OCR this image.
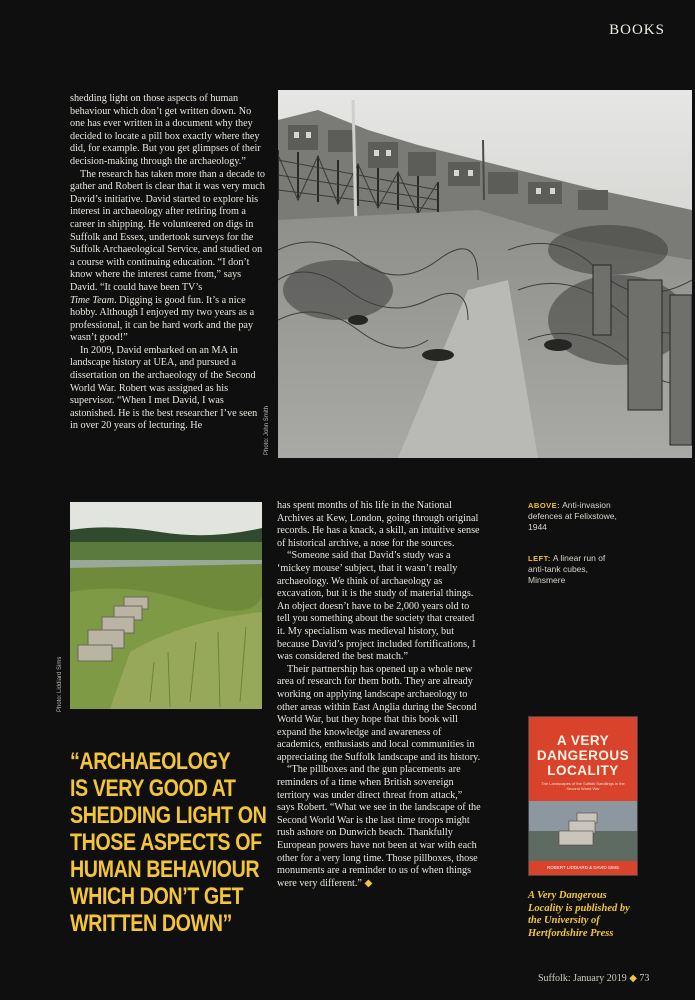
BOOKS

shedding light on those aspects of human behaviour which don’t get written down. No one has ever written in a document why they decided to locate a pill box exactly where they did, for example. But you get glimpses of their decision-making through the archaeology.”

The research has taken more than a decade to gather and Robert is clear that it was very much David’s initiative. David started to explore his interest in archaeology after retiring from a career in shipping. He volunteered on digs in Suffolk and Essex, undertook surveys for the Suffolk Archaeological Service, and studied on a course with continuing education. “I don’t know where the interest came from,” says David. “It could have been TV’s

Time Team. Digging is good fun. It’s a nice hobby. Although I enjoyed my two years as a professional, it can be hard work and the pay wasn’t good!”

In 2009, David embarked on an MA in landscape history at UEA, and pursued a dissertation on the archaeology of the Second World War. Robert was assigned as his supervisor. “When I met David, I was astonished. He is the best researcher I’ve seen in over 20 years of lecturing. He	Photo: John Smith
ABOVE: Anti-invasion defences at Felixstowe, 1944
LEFT: A linear run of anti-tank cubes, Minsmere
Photo: Liddiard Sims
“ARCHAEOLOGY
IS VERY GOOD AT
SHEDDING LIGHT ON
THOSE ASPECTS OF
HUMAN BEHAVIOUR
WHICH DON’T GET
WRITTEN DOWN”

has spent months of his life in the National Archives at Kew, London, going through original records. He has a knack, a skill, an intuitive sense of historical archive, a nose for the sources.

“Someone said that David’s study was a ‘mickey mouse’ subject, that it wasn’t really archaeology. We think of archaeology as excavation, but it is the study of material things. An object doesn’t have to be 2,000 years old to tell you something about the society that created it. My specialism was medieval history, but because David’s project included fortifications, I was considered the best match.”

Their partnership has opened up a whole new area of research for them both. They are already working on applying landscape archaeology to other areas within East Anglia during the Second World War, but they hope that this book will expand the knowledge and awareness of academics, enthusiasts and local communities in appreciating the Suffolk landscape and its history.

“The pillboxes and the gun placements are reminders of a time when British sovereign territory was under direct threat from attack,” says Robert. “What we see in the landscape of the Second World War is the last time troops might rush ashore on Dunwich beach. Thankfully European powers have not been at war with each other for a very long time. Those pillboxes, those monuments are a reminder to us of when things were very different.” ◆

A VERY
DANGEROUS
LOCALITY
The Landscapes of the Suffolk Sandlings in the Second World War
ROBERT LIDDIARD & DAVID SIMS
A Very Dangerous Locality is published by the University of Hertfordshire Press
Suffolk: January 2019 ◆ 73
